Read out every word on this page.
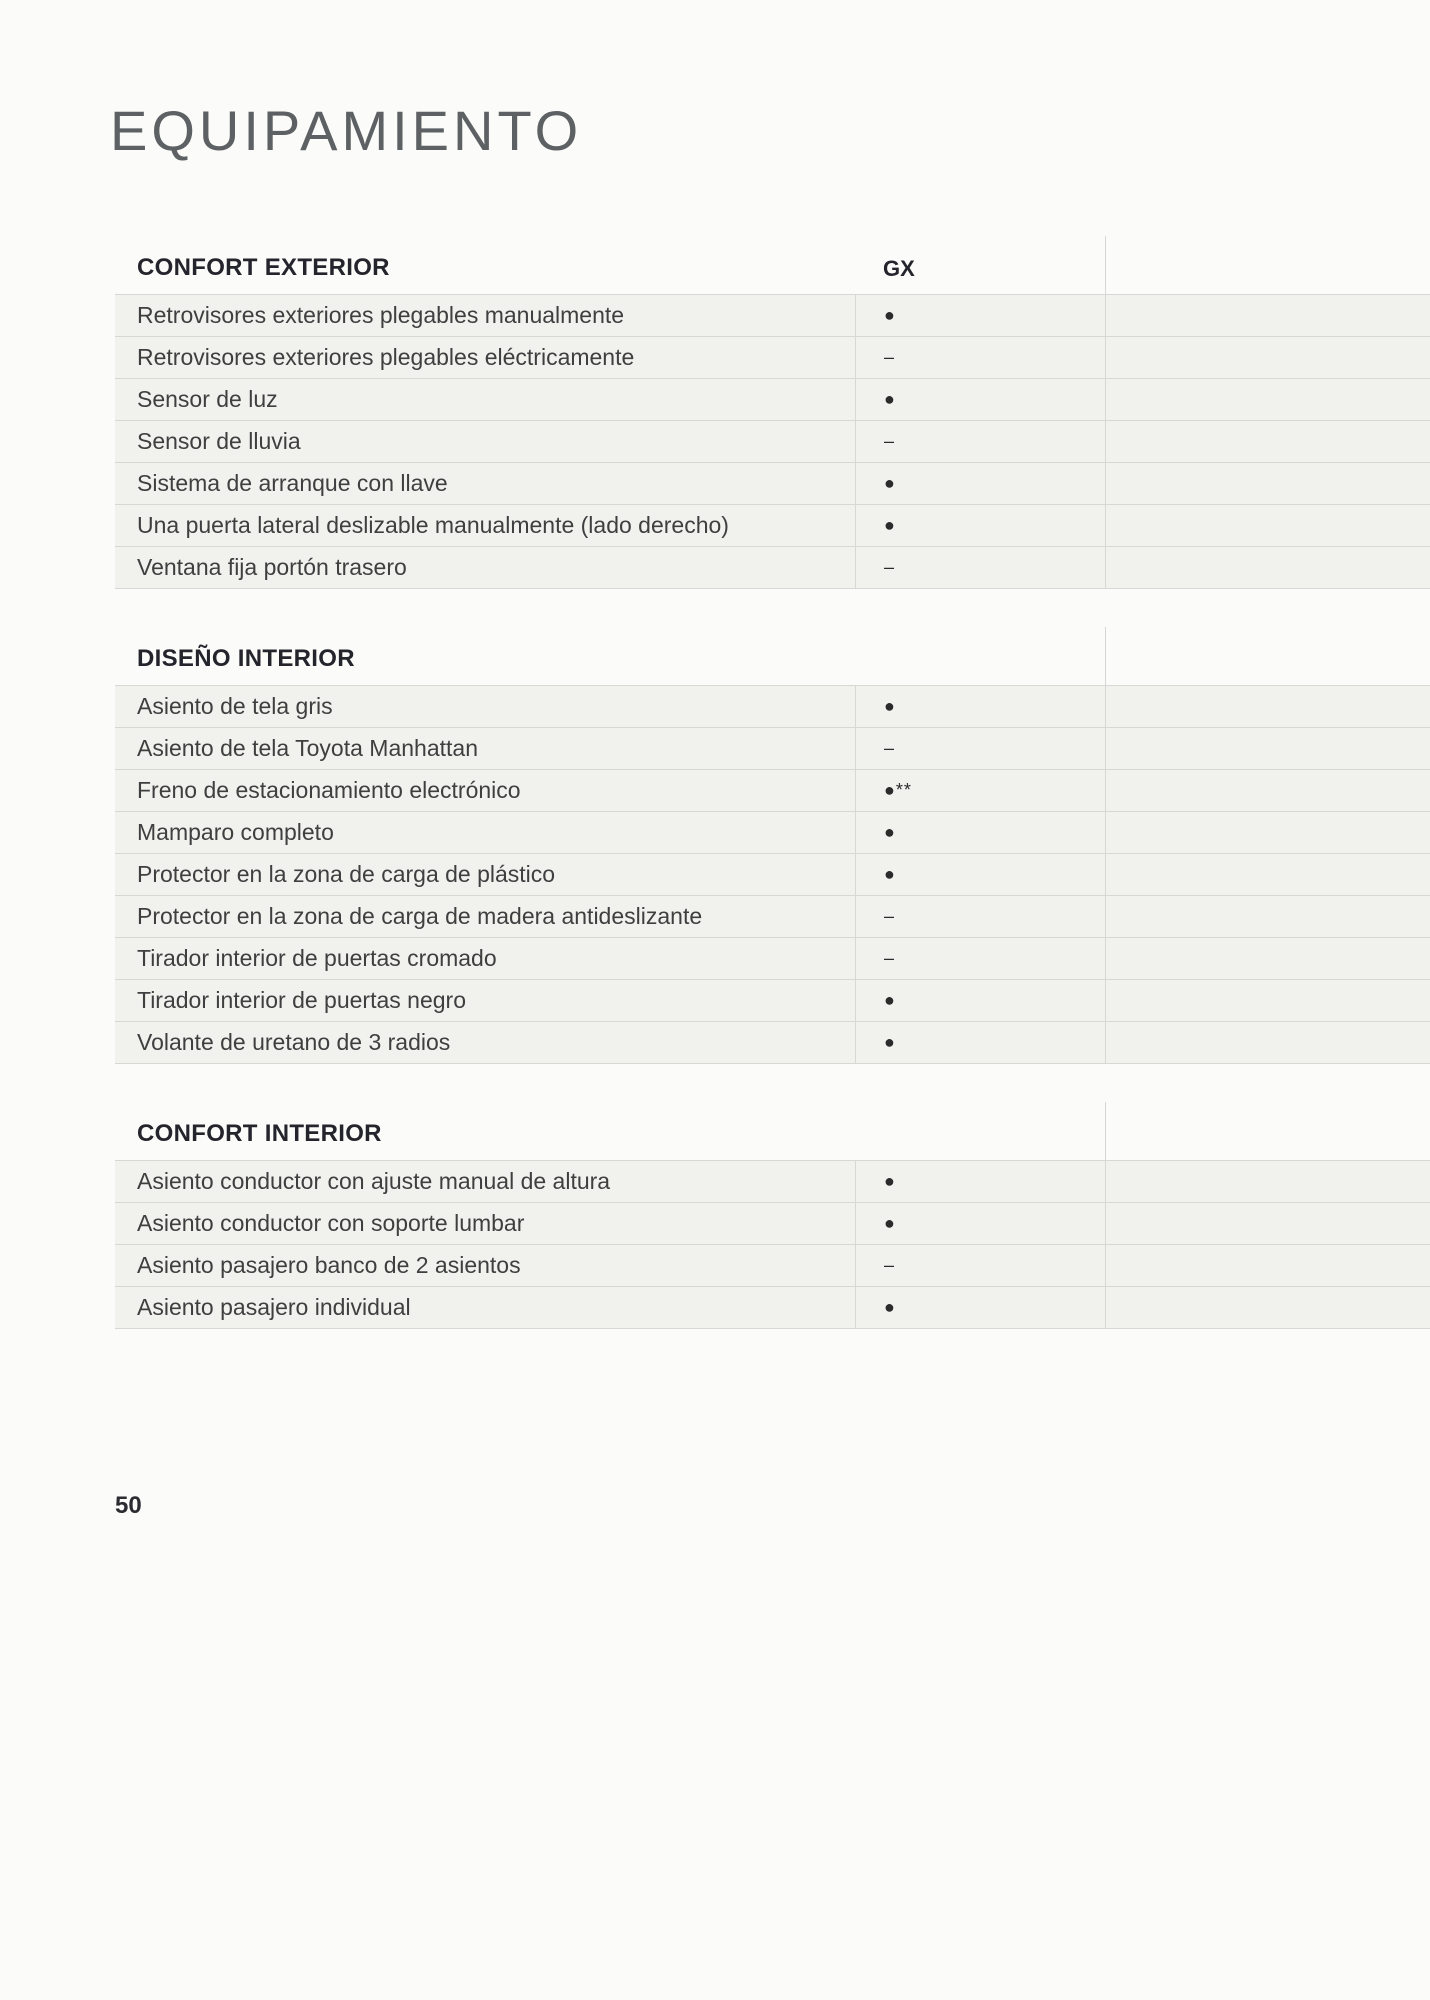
EQUIPAMIENTO
CONFORT EXTERIOR	GX
Retrovisores exteriores plegables manualmente	●
Retrovisores exteriores plegables eléctricamente	–
Sensor de luz	●
Sensor de lluvia	–
Sistema de arranque con llave	●
Una puerta lateral deslizable manualmente (lado derecho)	●
Ventana fija portón trasero	–
DISEÑO INTERIOR
Asiento de tela gris	●
Asiento de tela Toyota Manhattan	–
Freno de estacionamiento electrónico	●**
Mamparo completo	●
Protector en la zona de carga de plástico	●
Protector en la zona de carga de madera antideslizante	–
Tirador interior de puertas cromado	–
Tirador interior de puertas negro	●
Volante de uretano de 3 radios	●
CONFORT INTERIOR
Asiento conductor con ajuste manual de altura	●
Asiento conductor con soporte lumbar	●
Asiento pasajero banco de 2 asientos	–
Asiento pasajero individual	●
50
